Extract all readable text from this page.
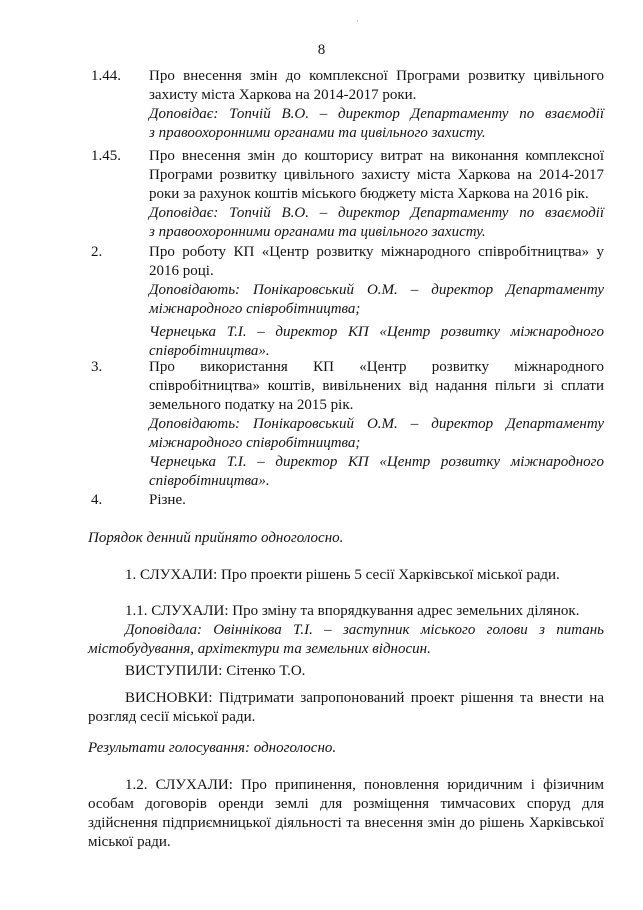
·
8
1.44. Про внесення змін до комплексної Програми розвитку цивільного
захисту міста Харкова на 2014-2017 роки.
Доповідає: Топчій В.О. – директор Департаменту по взаємодії
з правоохоронними органами та цивільного захисту.
1.45. Про внесення змін до кошторису витрат на виконання комплексної
Програми розвитку цивільного захисту міста Харкова на 2014-2017
роки за рахунок коштів міського бюджету міста Харкова на 2016 рік.
Доповідає: Топчій В.О. – директор Департаменту по взаємодії
з правоохоронними органами та цивільного захисту.
2.	Про роботу КП «Центр розвитку міжнародного співробітництва» у
2016 році.
Доповідають: Понікаровський О.М. – директор Департаменту
міжнародного співробітництва;
Чернецька Т.І. – директор КП «Центр розвитку міжнародного
співробітництва».
3.	Про використання КП «Центр розвитку міжнародного
співробітництва» коштів, вивільнених від надання пільги зі сплати
земельного податку на 2015 рік.
Доповідають: Понікаровський О.М. – директор Департаменту
міжнародного співробітництва;
Чернецька Т.І. – директор КП «Центр розвитку міжнародного
співробітництва».
4.	Різне.
Порядок денний прийнято одноголосно.
1. СЛУХАЛИ: Про проекти рішень 5 сесії Харківської міської ради.
1.1. СЛУХАЛИ: Про зміну та впорядкування адрес земельних ділянок.
Доповідала: Овіннікова Т.І. – заступник міського голови з питань
містобудування, архітектури та земельних відносин.
ВИСТУПИЛИ: Сітенко Т.О.
ВИСНОВКИ: Підтримати запропонований проект рішення та внести на
розгляд сесії міської ради.
Результати голосування: одноголосно.
1.2. СЛУХАЛИ: Про припинення, поновлення юридичним і фізичним
особам договорів оренди землі для розміщення тимчасових споруд для
здійснення підприємницької діяльності та внесення змін до рішень Харківської
міської ради.
